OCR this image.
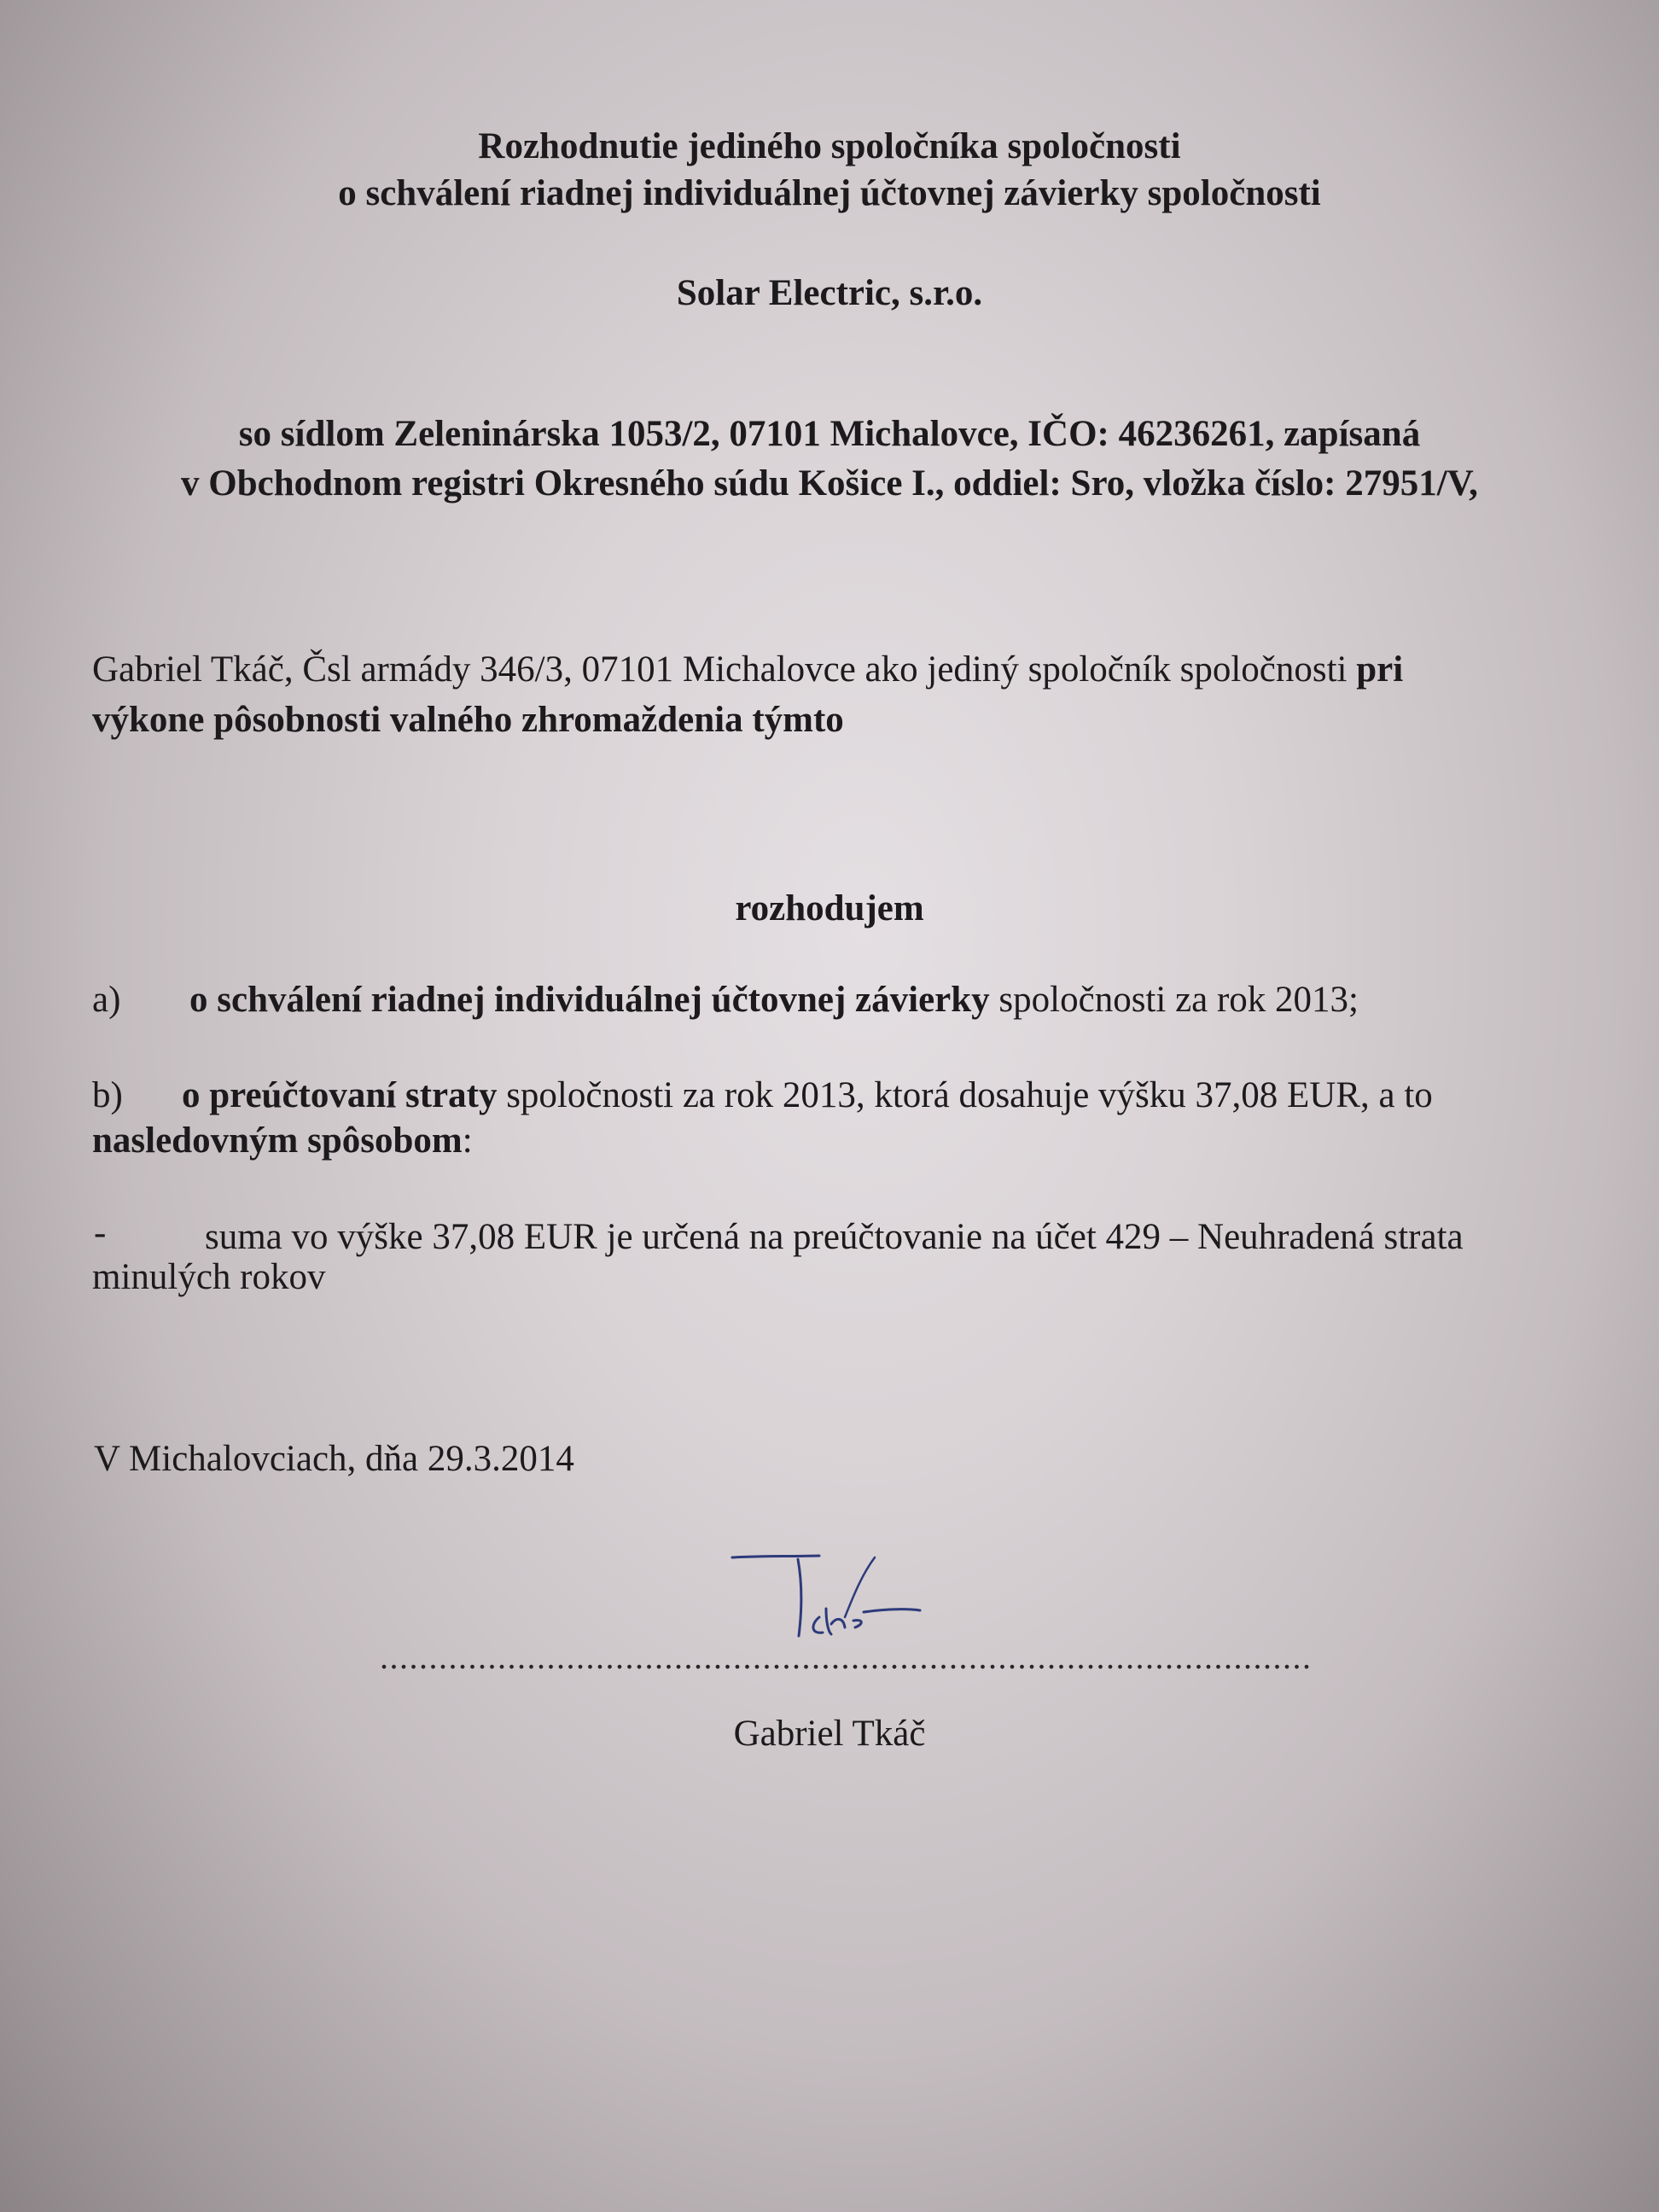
Rozhodnutie jediného spoločníka spoločnosti
o schválení riadnej individuálnej účtovnej závierky spoločnosti
Solar Electric, s.r.o.
so sídlom Zeleninárska 1053/2, 07101 Michalovce, IČO: 46236261, zapísaná
v Obchodnom registri Okresného súdu Košice I., oddiel: Sro, vložka číslo: 27951/V,
Gabriel Tkáč, Čsl armády 346/3, 07101 Michalovce ako jediný spoločník spoločnosti pri
výkone pôsobnosti valného zhromaždenia týmto
rozhodujem
a) o schválení riadnej individuálnej účtovnej závierky spoločnosti za rok 2013;
b) o preúčtovaní straty spoločnosti za rok 2013, ktorá dosahuje výšku 37,08 EUR, a to
nasledovným spôsobom:
-	suma vo výške 37,08 EUR je určená na preúčtovanie na účet 429 – Neuhradená strata
minulých rokov
V Michalovciach, dňa 29.3.2014
...............................................................................................
Gabriel Tkáč
